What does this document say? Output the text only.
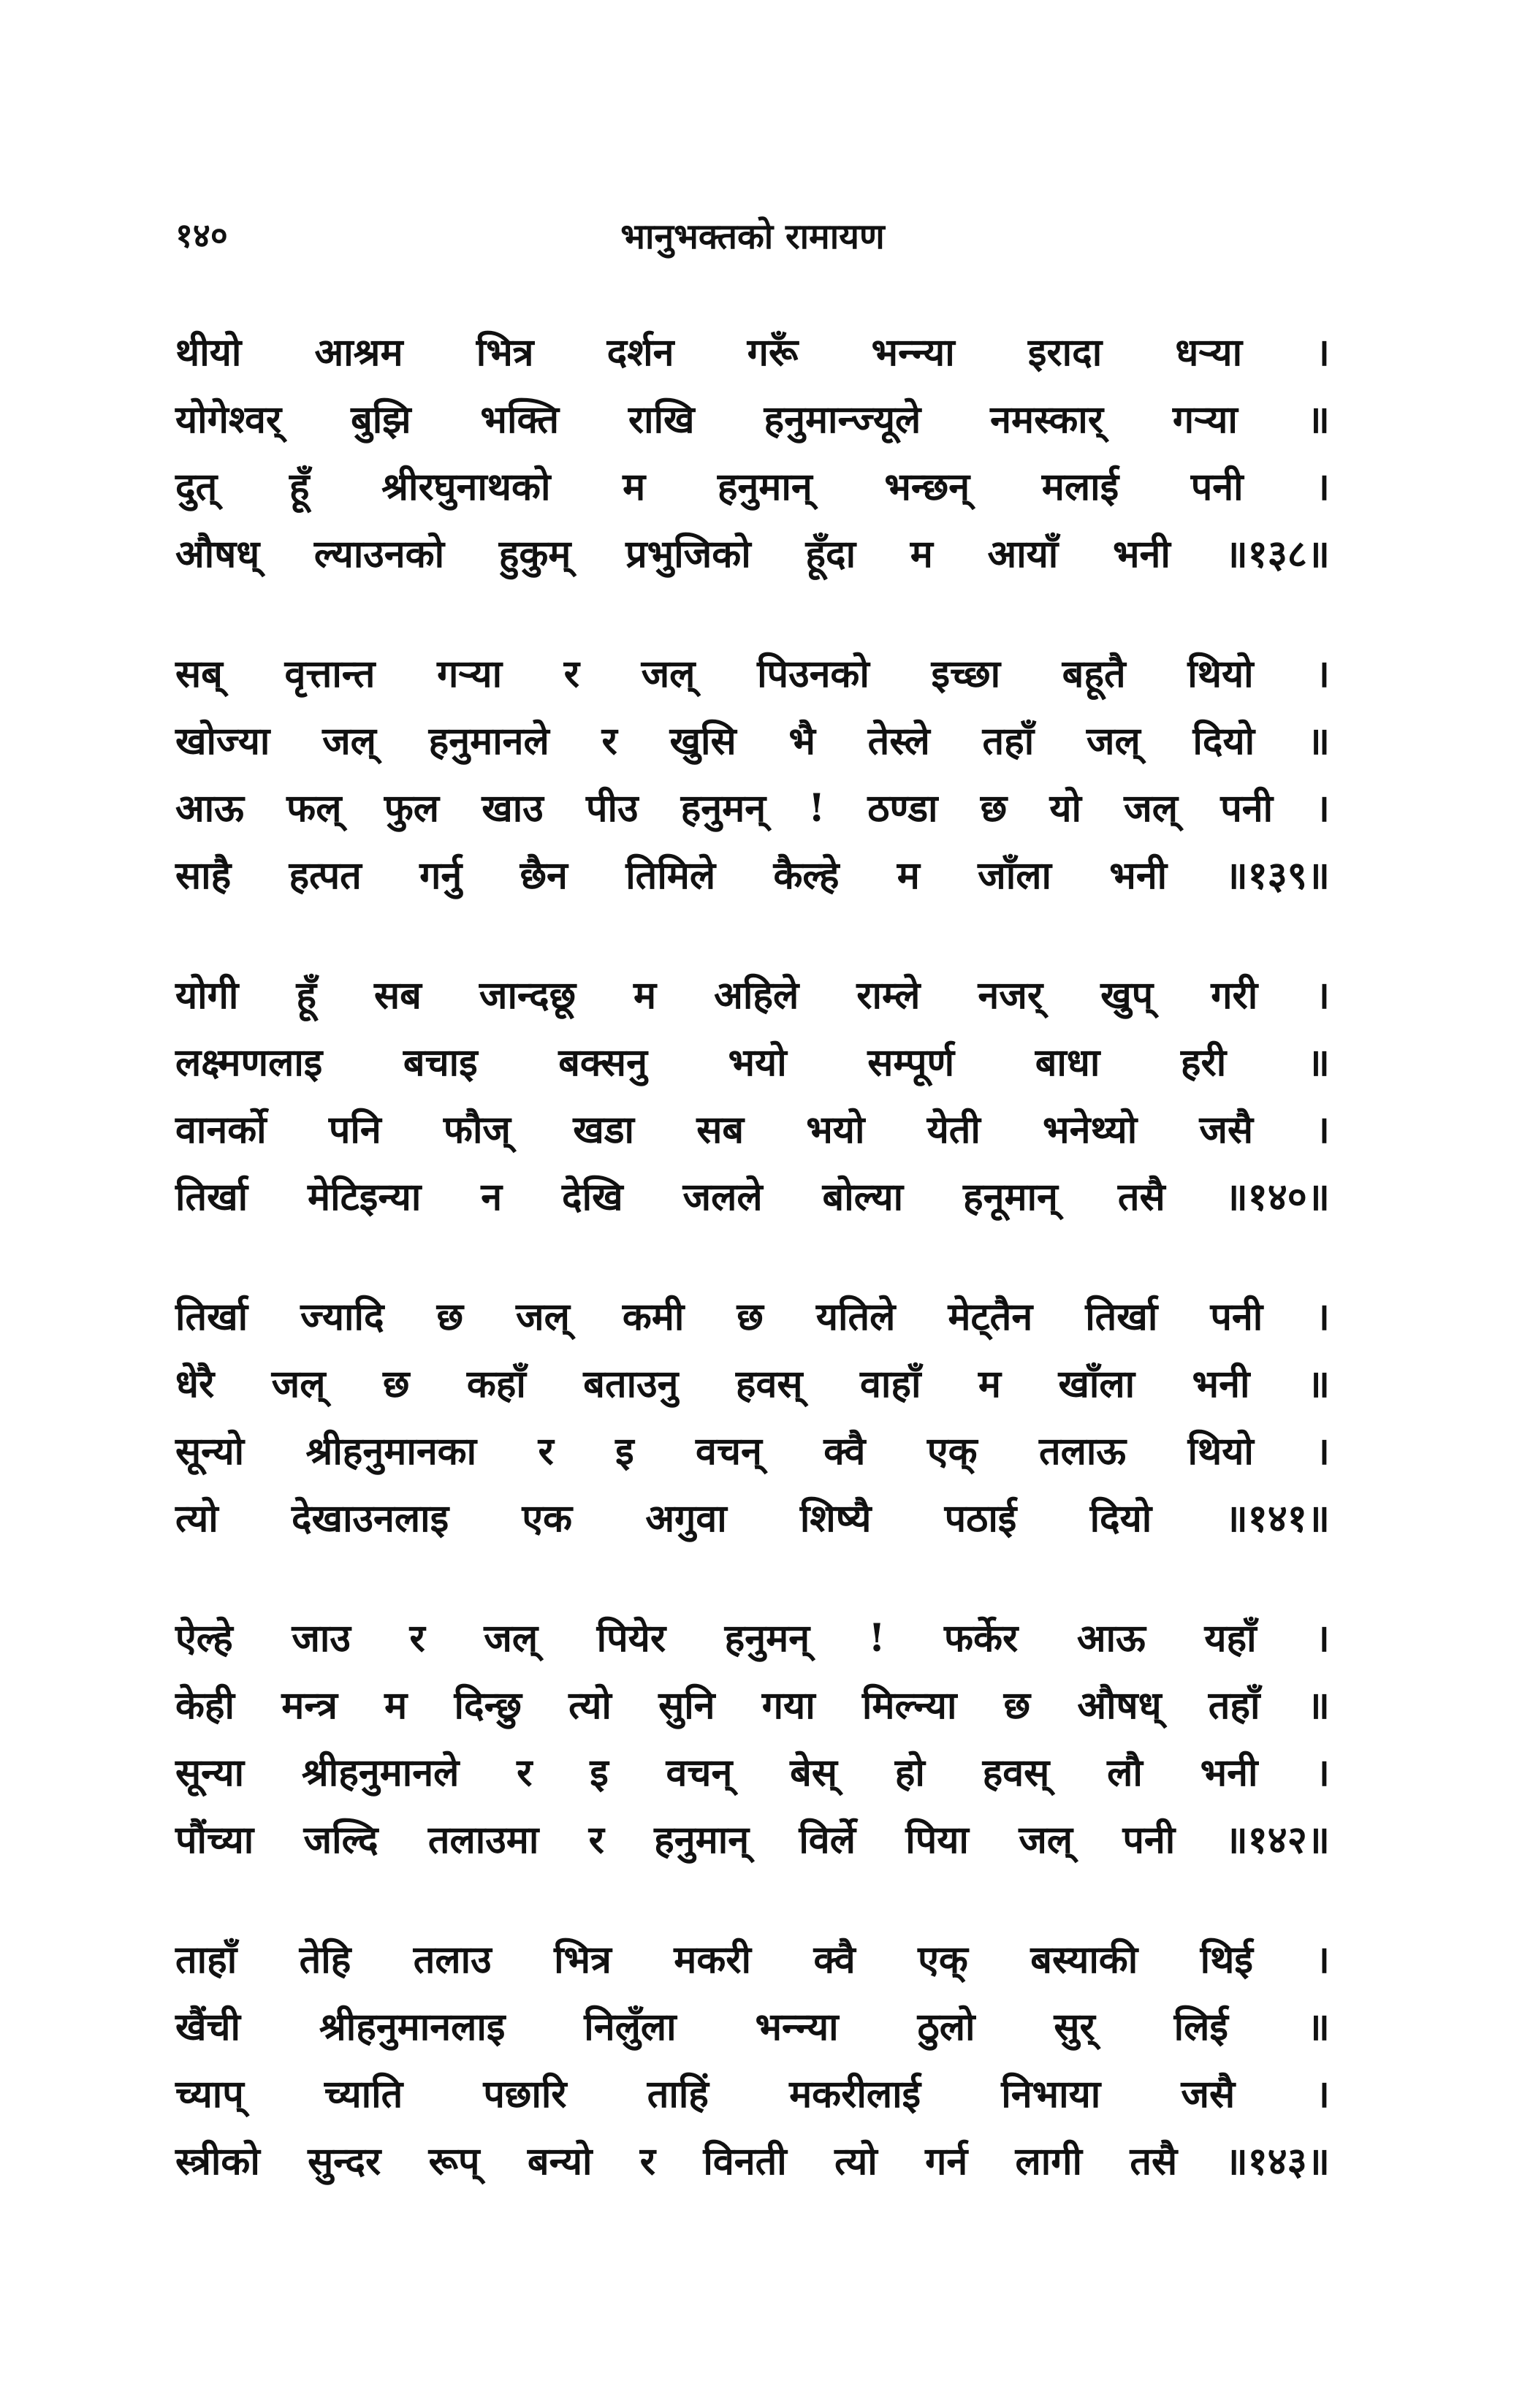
१४०	भानुभक्तको रामायण
थीयो आश्रम भित्र दर्शन गरूँ भन्न्या इरादा धऱ्या ।
योगेश्वर् बुझि भक्ति राखि हनुमान्ज्यूले नमस्कार् गऱ्या ॥
दुत् हूँ श्रीरघुनाथको म हनुमान् भन्छन् मलाई पनी ।
औषध् ल्याउनको हुकुम् प्रभुजिको हूँदा म आयाँ भनी ॥१३८॥
सब् वृत्तान्त गऱ्या र जल् पिउनको इच्छा बहूतै थियो ।
खोज्या जल् हनुमानले र खुसि भै तेस्ले तहाँ जल् दियो ॥
आऊ फल् फुल खाउ पीउ हनुमन् ! ठण्डा छ यो जल् पनी ।
साहै हत्पत गर्नु छैन तिमिले कैल्हे म जाँला भनी ॥१३९॥
योगी हूँ सब जान्दछू म अहिले राम्ले नजर् खुप् गरी ।
लक्ष्मणलाइ बचाइ बक्सनु भयो सम्पूर्ण बाधा हरी ॥
वानर्को पनि फौज् खडा सब भयो येती भनेथ्यो जसै ।
तिर्खा मेटिइन्या न देखि जलले बोल्या हनूमान् तसै ॥१४०॥
तिर्खा ज्यादि छ जल् कमी छ यतिले मेट्तैन तिर्खा पनी ।
धेरै जल् छ कहाँ बताउनु हवस् वाहाँ म खाँला भनी ॥
सून्यो श्रीहनुमानका र इ वचन् क्वै एक् तलाऊ थियो ।
त्यो देखाउनलाइ एक अगुवा शिष्यै पठाई दियो ॥१४१॥
ऐल्हे जाउ र जल् पियेर हनुमन् ! फर्केर आऊ यहाँ ।
केही मन्त्र म दिन्छु त्यो सुनि गया मिल्न्या छ औषध् तहाँ ॥
सून्या श्रीहनुमानले र इ वचन् बेस् हो हवस् लौ भनी ।
पौंच्या जल्दि तलाउमा र हनुमान् विर्ले पिया जल् पनी ॥१४२॥
ताहाँ तेहि तलाउ भित्र मकरी क्वै एक् बस्याकी थिई ।
खैंची श्रीहनुमानलाइ निलुँला भन्न्या ठुलो सुर् लिई ॥
च्याप् च्याति पछारि ताहिं मकरीलाई निभाया जसै ।
स्त्रीको सुन्दर रूप् बन्यो र विनती त्यो गर्न लागी तसै ॥१४३॥
